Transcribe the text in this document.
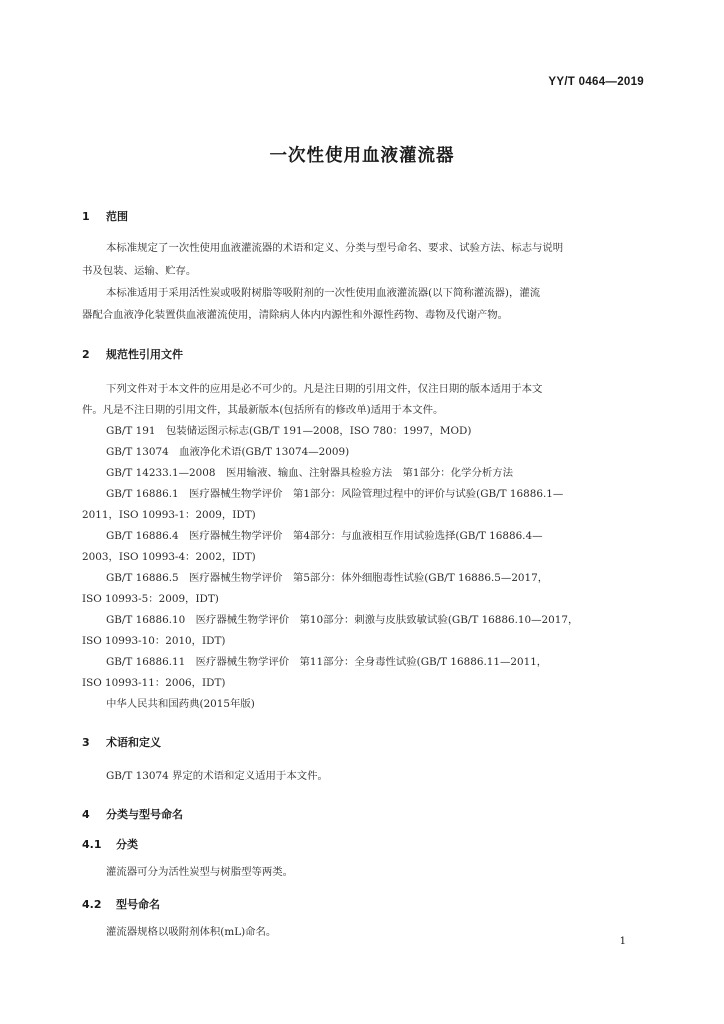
YY/T 0464—2019
一次性使用血液灌流器
1 范围
本标准规定了一次性使用血液灌流器的术语和定义、分类与型号命名、要求、试验方法、标志与说明
书及包装、运输、贮存。
本标准适用于采用活性炭或吸附树脂等吸附剂的一次性使用血液灌流器(以下简称灌流器)，灌流
器配合血液净化装置供血液灌流使用，清除病人体内内源性和外源性药物、毒物及代谢产物。
2 规范性引用文件
下列文件对于本文件的应用是必不可少的。凡是注日期的引用文件，仅注日期的版本适用于本文
件。凡是不注日期的引用文件，其最新版本(包括所有的修改单)适用于本文件。
GB/T 191　包装储运图示标志(GB/T 191—2008，ISO 780：1997，MOD)
GB/T 13074　血液净化术语(GB/T 13074—2009)
GB/T 14233.1—2008　医用输液、输血、注射器具检验方法　第1部分：化学分析方法
GB/T 16886.1　医疗器械生物学评价　第1部分：风险管理过程中的评价与试验(GB/T 16886.1—
2011，ISO 10993-1：2009，IDT)
GB/T 16886.4　医疗器械生物学评价　第4部分：与血液相互作用试验选择(GB/T 16886.4—
2003，ISO 10993-4：2002，IDT)
GB/T 16886.5　医疗器械生物学评价　第5部分：体外细胞毒性试验(GB/T 16886.5—2017，
ISO 10993-5：2009，IDT)
GB/T 16886.10　医疗器械生物学评价　第10部分：刺激与皮肤致敏试验(GB/T 16886.10—2017，
ISO 10993-10：2010，IDT)
GB/T 16886.11　医疗器械生物学评价　第11部分：全身毒性试验(GB/T 16886.11—2011，
ISO 10993-11：2006，IDT)
中华人民共和国药典(2015年版)
3 术语和定义
GB/T 13074 界定的术语和定义适用于本文件。
4 分类与型号命名
4.1 分类
灌流器可分为活性炭型与树脂型等两类。
4.2 型号命名
灌流器规格以吸附剂体积(mL)命名。
1
